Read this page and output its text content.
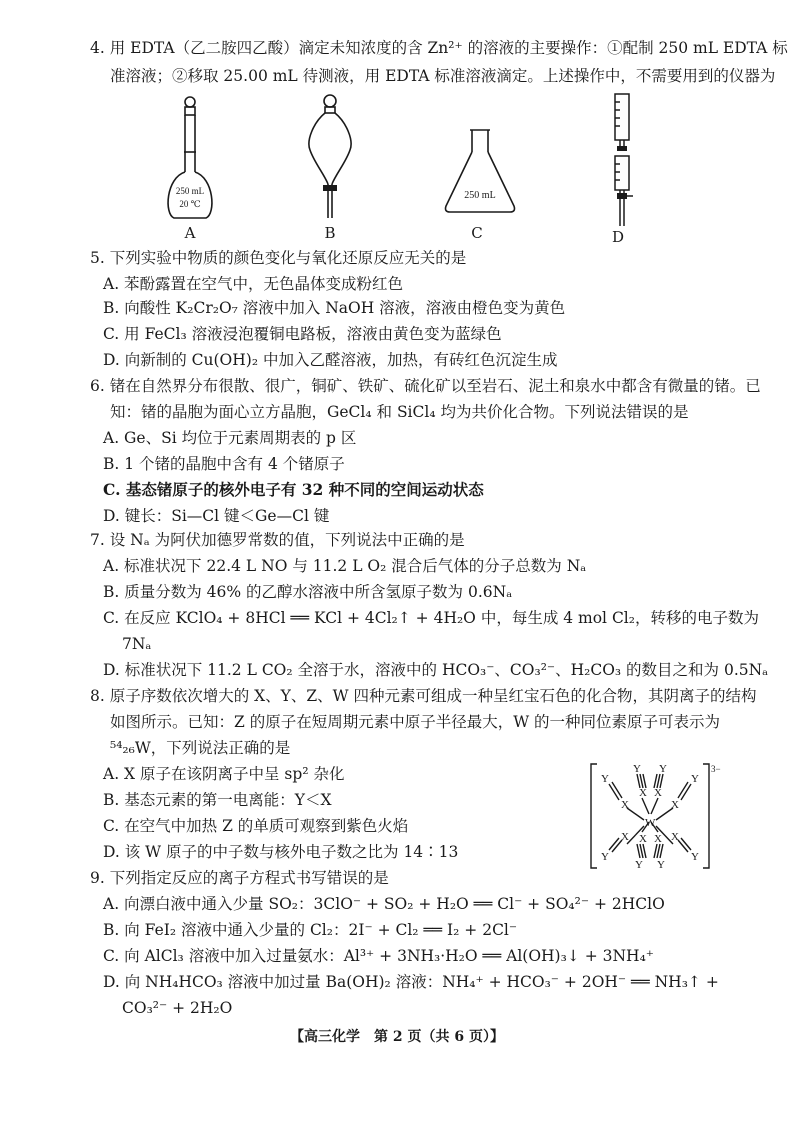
4. 用 EDTA（乙二胺四乙酸）滴定未知浓度的含 Zn²⁺ 的溶液的主要操作：①配制 250 mL EDTA 标
准溶液；②移取 25.00 mL 待测液，用 EDTA 标准溶液滴定。上述操作中，不需要用到的仪器为
250 mL
20 ℃
A	B
250 mL
C	D
5. 下列实验中物质的颜色变化与氧化还原反应无关的是
A. 苯酚露置在空气中，无色晶体变成粉红色
B. 向酸性 K₂Cr₂O₇ 溶液中加入 NaOH 溶液，溶液由橙色变为黄色
C. 用 FeCl₃ 溶液浸泡覆铜电路板，溶液由黄色变为蓝绿色
D. 向新制的 Cu(OH)₂ 中加入乙醛溶液，加热，有砖红色沉淀生成
6. 锗在自然界分布很散、很广，铜矿、铁矿、硫化矿以至岩石、泥土和泉水中都含有微量的锗。已
知：锗的晶胞为面心立方晶胞，GeCl₄ 和 SiCl₄ 均为共价化合物。下列说法错误的是
A. Ge、Si 均位于元素周期表的 p 区
B. 1 个锗的晶胞中含有 4 个锗原子
C. 基态锗原子的核外电子有 32 种不同的空间运动状态
D. 键长：Si—Cl 键＜Ge—Cl 键
7. 设 Nₐ 为阿伏加德罗常数的值，下列说法中正确的是
A. 标准状况下 22.4 L NO 与 11.2 L O₂ 混合后气体的分子总数为 Nₐ
B. 质量分数为 46% 的乙醇水溶液中所含氢原子数为 0.6Nₐ
C. 在反应 KClO₄ + 8HCl ══ KCl + 4Cl₂↑ + 4H₂O 中，每生成 4 mol Cl₂，转移的电子数为
7Nₐ
D. 标准状况下 11.2 L CO₂ 全溶于水，溶液中的 HCO₃⁻、CO₃²⁻、H₂CO₃ 的数目之和为 0.5Nₐ
8. 原子序数依次增大的 X、Y、Z、W 四种元素可组成一种呈红宝石色的化合物，其阴离子的结构
如图所示。已知：Z 的原子在短周期元素中原子半径最大，W 的一种同位素原子可表示为
⁵⁴₂₆W，下列说法正确的是
A. X 原子在该阴离子中呈 sp² 杂化
B. 基态元素的第一电离能：Y＜X
C. 在空气中加热 Z 的单质可观察到紫色火焰
D. 该 W 原子的中子数与核外电子数之比为 14∶13
W
X X
X	X
X X
X	X
Y Y
Y	Y
Y Y
Y	Y
3−
9. 下列指定反应的离子方程式书写错误的是
A. 向漂白液中通入少量 SO₂：3ClO⁻ + SO₂ + H₂O ══ Cl⁻ + SO₄²⁻ + 2HClO
B. 向 FeI₂ 溶液中通入少量的 Cl₂：2I⁻ + Cl₂ ══ I₂ + 2Cl⁻
C. 向 AlCl₃ 溶液中加入过量氨水：Al³⁺ + 3NH₃·H₂O ══ Al(OH)₃↓ + 3NH₄⁺
D. 向 NH₄HCO₃ 溶液中加过量 Ba(OH)₂ 溶液：NH₄⁺ + HCO₃⁻ + 2OH⁻ ══ NH₃↑ +
CO₃²⁻ + 2H₂O
【高三化学　第 2 页（共 6 页）】
